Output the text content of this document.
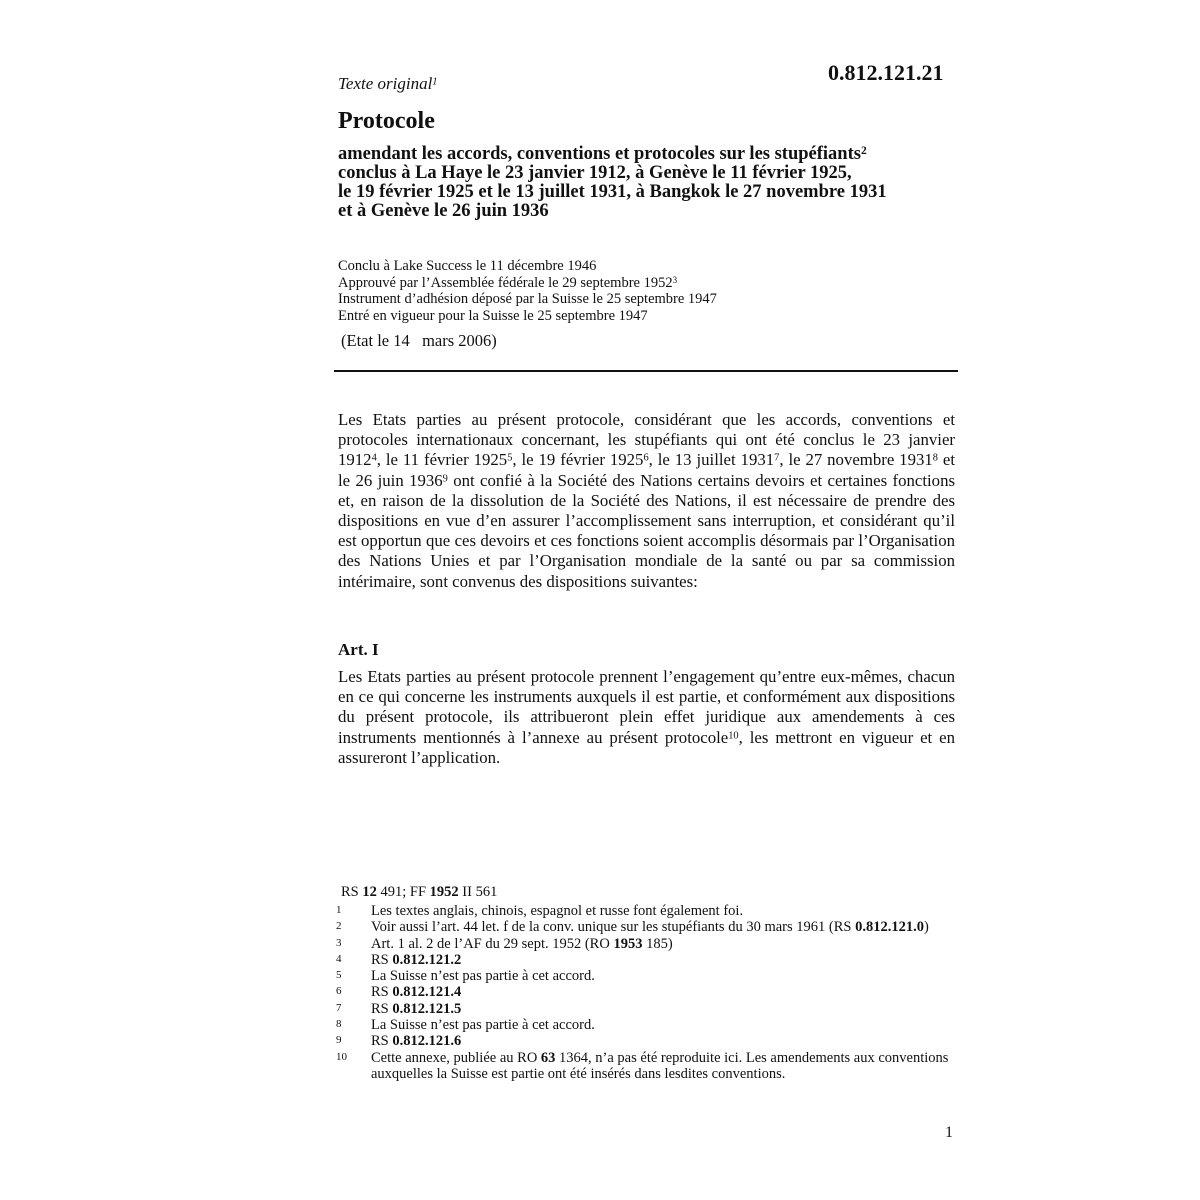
Texte original$^1$	0.812.121.21
Protocole
amendant les accords, conventions et protocoles sur les stupéfiants$^2$
conclus à La Haye le 23 janvier 1912, à Genève le 11 février 1925,
le 19 février 1925 et le 13 juillet 1931, à Bangkok le 27 novembre 1931
et à Genève le 26 juin 1936
Conclu à Lake Success le 11 décembre 1946
Approuvé par l’Assemblée fédérale le 29 septembre 1952$^3$
Instrument d’adhésion déposé par la Suisse le 25 septembre 1947
Entré en vigueur pour la Suisse le 25 septembre 1947
(Etat le 14   mars 2006)
Les Etats parties au présent protocole, considérant que les accords, conventions et protocoles internationaux concernant, les stupéfiants qui ont été conclus le 23 janvier 1912$^4$, le 11 février 1925$^5$, le 19 février 1925$^6$, le 13 juillet 1931$^7$, le 27 novembre 1931$^8$ et le 26 juin 1936$^9$ ont confié à la Société des Nations certains devoirs et certaines fonctions et, en raison de la dissolution de la Société des Nations, il est nécessaire de prendre des dispositions en vue d’en assurer l’accomplissement sans interruption, et considérant qu’il est opportun que ces devoirs et ces fonctions soient accomplis désormais par l’Organisation des Nations Unies et par l’Organisation mondiale de la santé ou par sa commission intérimaire, sont convenus des dispositions suivantes:
Art. I
Les Etats parties au présent protocole prennent l’engagement qu’entre eux-mêmes, chacun en ce qui concerne les instruments auxquels il est partie, et conformément aux dispositions du présent protocole, ils attribueront plein effet juridique aux amendements à ces instruments mentionnés à l’annexe au présent protocole$^{10}$, les mettront en vigueur et en assureront l’application.
RS 12 491; FF 1952 II 561
1	Les textes anglais, chinois, espagnol et russe font également foi.
2	Voir aussi l’art. 44 let. f de la conv. unique sur les stupéfiants du 30 mars 1961 (RS 0.812.121.0)
3	Art. 1 al. 2 de l’AF du 29 sept. 1952 (RO 1953 185)
4	RS 0.812.121.2
5	La Suisse n’est pas partie à cet accord.
6	RS 0.812.121.4
7	RS 0.812.121.5
8	La Suisse n’est pas partie à cet accord.
9	RS 0.812.121.6
10	Cette annexe, publiée au RO 63 1364, n’a pas été reproduite ici. Les amendements aux conventions auxquelles la Suisse est partie ont été insérés dans lesdites conventions.
1
